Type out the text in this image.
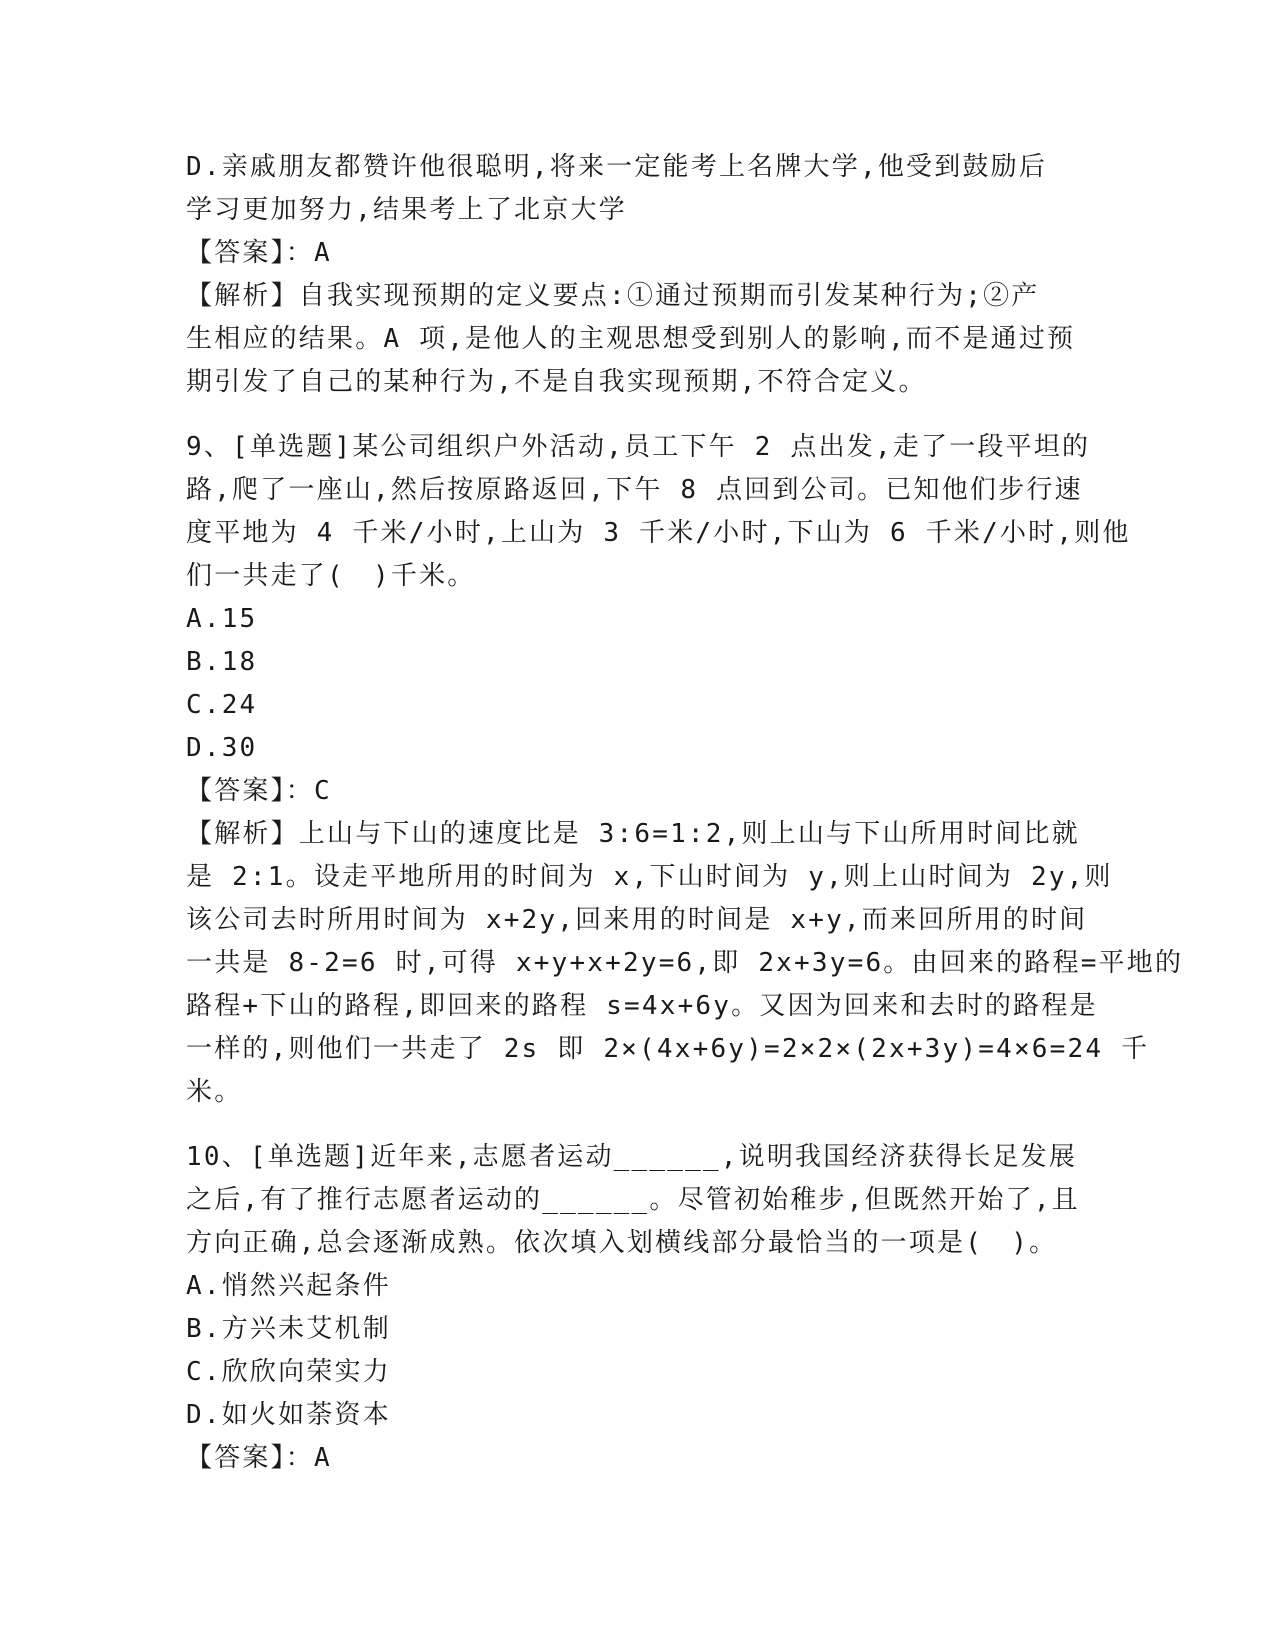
D.亲戚朋友都赞许他很聪明,将来一定能考上名牌大学,他受到鼓励后
学习更加努力,结果考上了北京大学
【答案】：A
【解析】自我实现预期的定义要点:①通过预期而引发某种行为;②产
生相应的结果。A 项,是他人的主观思想受到别人的影响,而不是通过预
期引发了自己的某种行为,不是自我实现预期,不符合定义。
9、[单选题]某公司组织户外活动,员工下午 2 点出发,走了一段平坦的
路,爬了一座山,然后按原路返回,下午 8 点回到公司。已知他们步行速
度平地为 4 千米/小时,上山为 3 千米/小时,下山为 6 千米/小时,则他
们一共走了(　)千米。
A.15
B.18
C.24
D.30
【答案】：C
【解析】上山与下山的速度比是 3:6=1:2,则上山与下山所用时间比就
是 2:1。设走平地所用的时间为 x,下山时间为 y,则上山时间为 2y,则
该公司去时所用时间为 x+2y,回来用的时间是 x+y,而来回所用的时间
一共是 8-2=6 时,可得 x+y+x+2y=6,即 2x+3y=6。由回来的路程=平地的
路程+下山的路程,即回来的路程 s=4x+6y。又因为回来和去时的路程是
一样的,则他们一共走了 2s 即 2×(4x+6y)=2×2×(2x+3y)=4×6=24 千
米。
10、[单选题]近年来,志愿者运动______,说明我国经济获得长足发展
之后,有了推行志愿者运动的______。尽管初始稚步,但既然开始了,且
方向正确,总会逐渐成熟。依次填入划横线部分最恰当的一项是(　)。
A.悄然兴起条件
B.方兴未艾机制
C.欣欣向荣实力
D.如火如荼资本
【答案】：A
